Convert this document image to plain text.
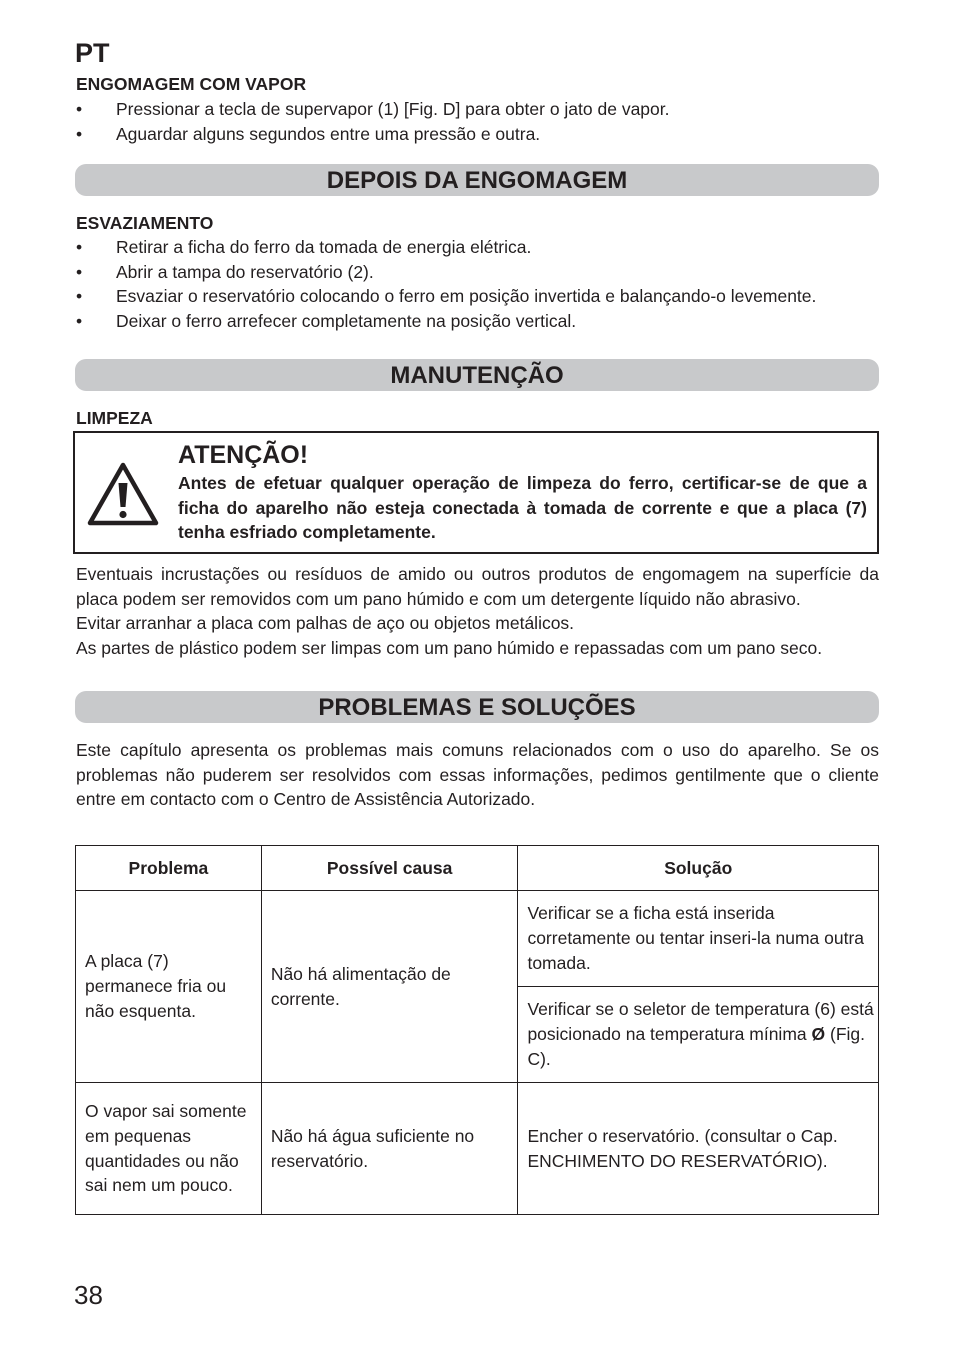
PT
ENGOMAGEM COM VAPOR
• Pressionar a tecla de supervapor (1) [Fig. D] para obter o jato de vapor.
• Aguardar alguns segundos entre uma pressão e outra.
DEPOIS DA ENGOMAGEM
ESVAZIAMENTO
• Retirar a ficha do ferro da tomada de energia elétrica.
• Abrir a tampa do reservatório (2).
• Esvaziar o reservatório colocando o ferro em posição invertida e balançando-o levemente.
• Deixar o ferro arrefecer completamente na posição vertical.
MANUTENÇÃO
LIMPEZA
ATENÇÃO!
Antes de efetuar qualquer operação de limpeza do ferro, certificar-se de que a ficha do aparelho não esteja conectada à tomada de corrente e que a placa (7) tenha esfriado completamente.

Eventuais incrustações ou resíduos de amido ou outros produtos de engomagem na superfície da placa podem ser removidos com um pano húmido e com um detergente líquido não abrasivo.

Evitar arranhar a placa com palhas de aço ou objetos metálicos.

As partes de plástico podem ser limpas com um pano húmido e repassadas com um pano seco.

PROBLEMAS E SOLUÇÕES

Este capítulo apresenta os problemas mais comuns relacionados com o uso do aparelho. Se os problemas não puderem ser resolvidos com essas informações, pedimos gentilmente que o cliente entre em contacto com o Centro de Assistência Autorizado.

Problema	Possível causa	Solução
A placa (7) permanece fria ou não esquenta.	Não há alimentação de corrente.	Verificar se a ficha está inserida corretamente ou tentar inseri-la numa outra tomada.
		Verificar se o seletor de temperatura (6) está posicionado na temperatura mínima Ø (Fig. C).
O vapor sai somente em pequenas quantidades ou não sai nem um pouco.	Não há água suficiente no reservatório.	Encher o reservatório. (consultar o Cap. ENCHIMENTO DO RESERVATÓRIO).
38
